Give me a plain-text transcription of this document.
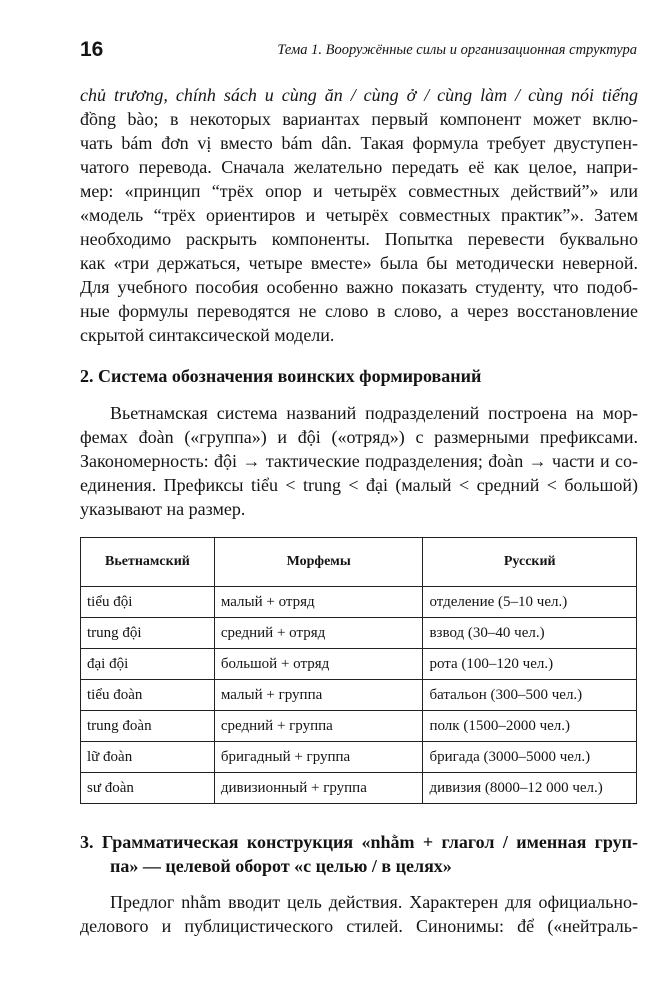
16	Тема 1. Вооружённые силы и организационная структура
chủ trương, chính sách и cùng ăn / cùng ở / cùng làm / cùng nói tiếng
đồng bào; в некоторых вариантах первый компонент может вклю-
чать bám đơn vị вместо bám dân. Такая формула требует двуступен-
чатого перевода. Сначала желательно передать её как целое, напри-
мер: «принцип “трёх опор и четырёх совместных действий”» или
«модель “трёх ориентиров и четырёх совместных практик”». Затем
необходимо раскрыть компоненты. Попытка перевести буквально
как «три держаться, четыре вместе» была бы методически неверной.
Для учебного пособия особенно важно показать студенту, что подоб-
ные формулы переводятся не слово в слово, а через восстановление
скрытой синтаксической модели.
2. Система обозначения воинских формирований
Вьетнамская система названий подразделений построена на мор-
фемах đoàn («группа») и đội («отряд») с размерными префиксами.
Закономерность: đội → тактические подразделения; đoàn → части и со-
единения. Префиксы tiểu < trung < đại (малый < средний < большой)
указывают на размер.
Вьетнамский	Морфемы	Русский
tiểu đội	малый + отряд	отделение (5–10 чел.)
trung đội	средний + отряд	взвод (30–40 чел.)
đại đội	большой + отряд	рота (100–120 чел.)
tiểu đoàn	малый + группа	батальон (300–500 чел.)
trung đoàn	средний + группа	полк (1500–2000 чел.)
lữ đoàn	бригадный + группа	бригада (3000–5000 чел.)
sư đoàn	дивизионный + группа	дивизия (8000–12 000 чел.)
3. Грамматическая конструкция «nhằm + глагол / именная груп-
па» — целевой оборот «с целью / в целях»
Предлог nhằm вводит цель действия. Характерен для официально-
делового и публицистического стилей. Синонимы: để («нейтраль-
